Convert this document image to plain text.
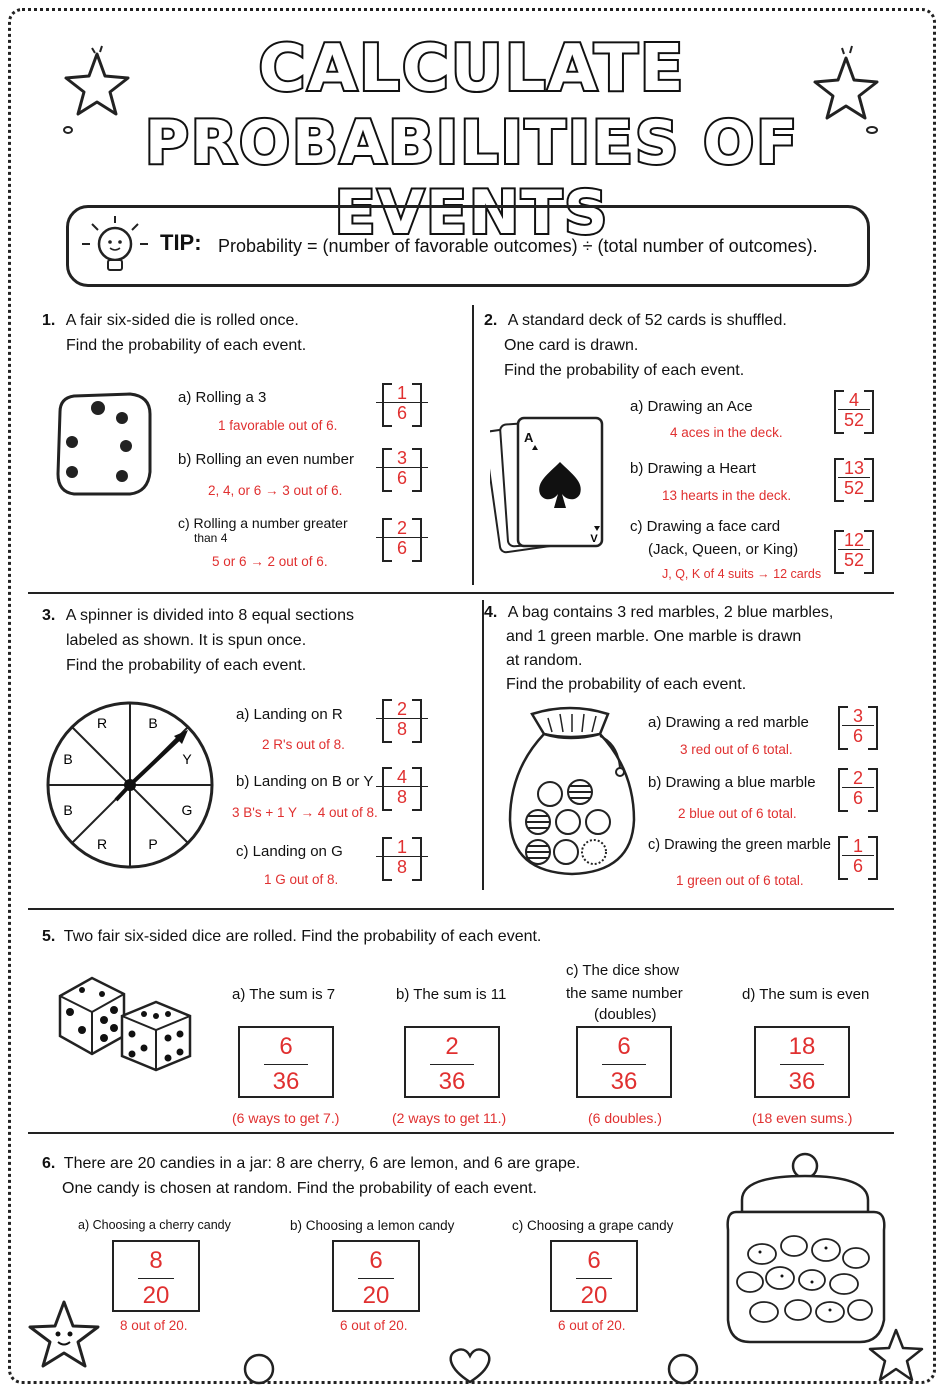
CALCULATE
PROBABILITIES OF EVENTS
TIP: Probability = (number of favorable outcomes) ÷ (total number of outcomes).
1. A fair six-sided die is rolled once.
Find the probability of each event.
a) Rolling a 3
1 favorable out of 6.
b) Rolling an even number
2, 4, or 6 → 3 out of 6.
c) Rolling a number greater
than 4
5 or 6 → 2 out of 6.
1
6
3
6
2
6
2. A standard deck of 52 cards is shuffled.
One card is drawn.
Find the probability of each event.
V
A
a) Drawing an Ace
4 aces in the deck.
b) Drawing a Heart
13 hearts in the deck.
c) Drawing a face card
(Jack, Queen, or King)
J, Q, K of 4 suits → 12 cards
4
52
13
52
12
52
3. A spinner is divided into 8 equal sections
labeled as shown. It is spun once.
Find the probability of each event.
R	B
Y
G
P
R
B
B
a) Landing on R
2 R's out of 8.
b) Landing on B or Y
3 B's + 1 Y → 4 out of 8.
c) Landing on G
1 G out of 8.
2
8
4
8
1
8
4. A bag contains 3 red marbles, 2 blue marbles,
and 1 green marble. One marble is drawn
at random.
Find the probability of each event.
a) Drawing a red marble
3 red out of 6 total.
b) Drawing a blue marble
2 blue out of 6 total.
c) Drawing the green marble
1 green out of 6 total.
3
6
2
6
1
6
5. Two fair six-sided dice are rolled. Find the probability of each event.
a) The sum is 7
6
36
(6 ways to get 7.)
b) The sum is 11
2
36
(2 ways to get 11.)
c) The dice show
the same number
(doubles)
6
36
(6 doubles.)
d) The sum is even
18
36
(18 even sums.)
6. There are 20 candies in a jar: 8 are cherry, 6 are lemon, and 6 are grape.
One candy is chosen at random. Find the probability of each event.
a) Choosing a cherry candy
8
20
8 out of 20.
b) Choosing a lemon candy
6
20
6 out of 20.
c) Choosing a grape candy
6
20
6 out of 20.
